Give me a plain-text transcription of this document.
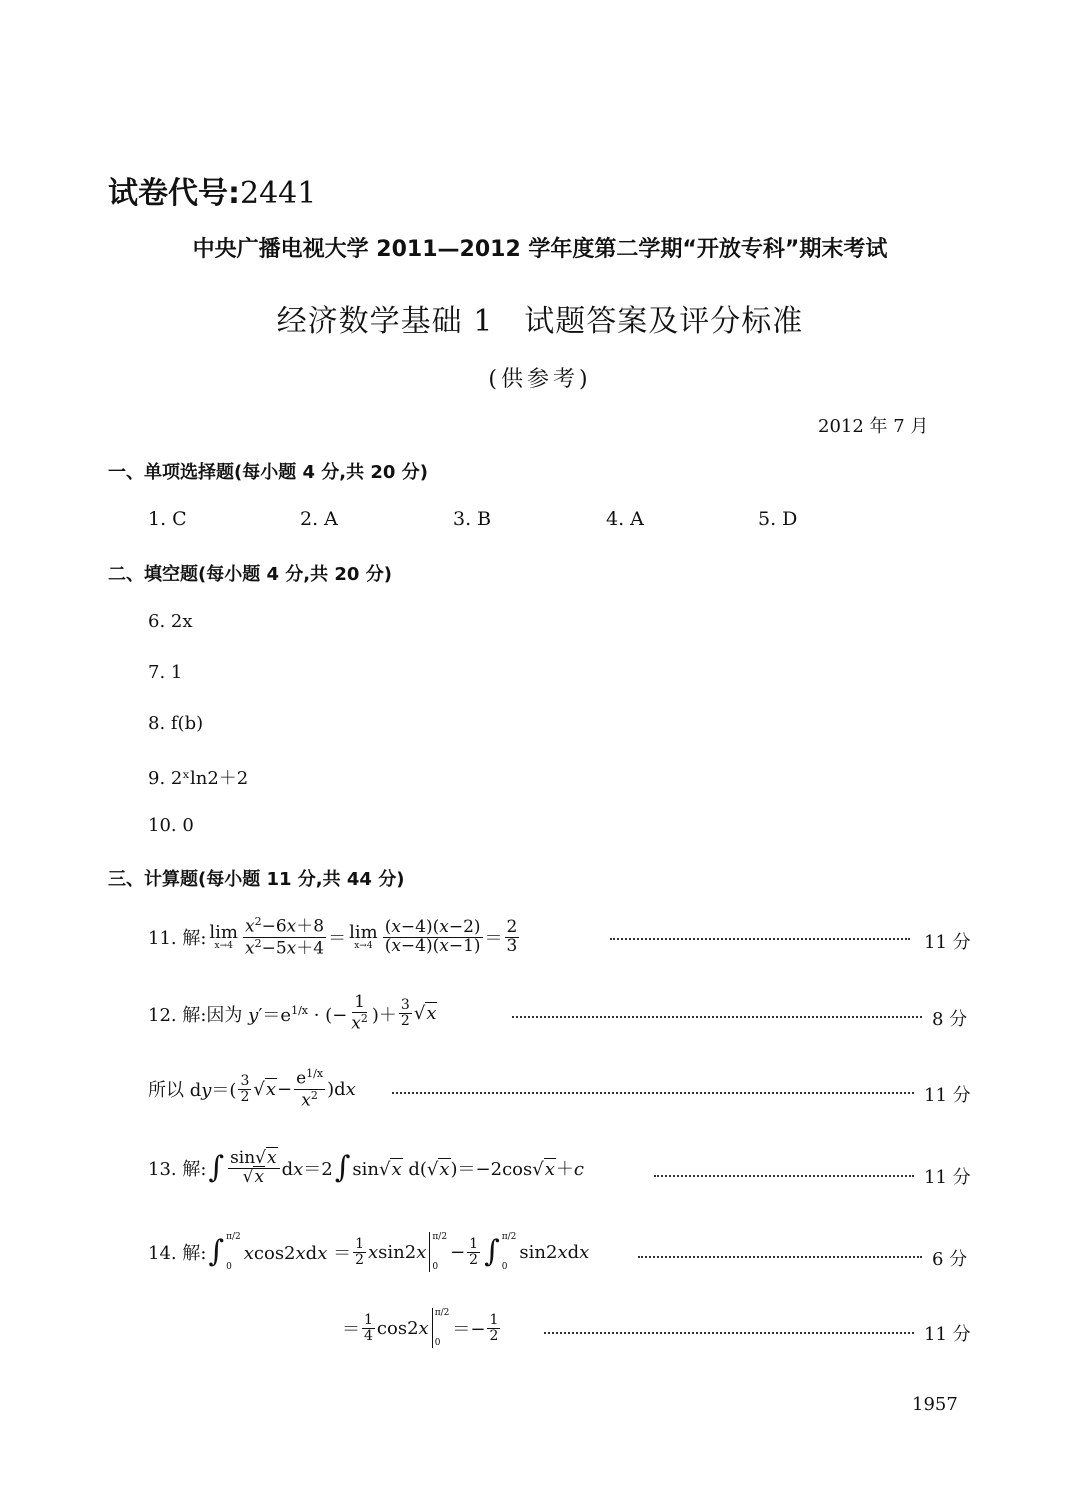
试卷代号:2441
中央广播电视大学 2011—2012 学年度第二学期“开放专科”期末考试
经济数学基础 1　试题答案及评分标准
(供参考)
2012 年 7 月
一、单项选择题(每小题 4 分,共 20 分)
1. C	2. A	3. B	4. A	5. D
二、填空题(每小题 4 分,共 20 分)
6. 2x
7. 1
8. f(b)
9. 2ˣln2＋2
10. 0
三、计算题(每小题 11 分,共 44 分)
11. 解: lim
$x\to 4 \frac{x^2-6x+8}{x^2-5x+4} = \lim$
$x\to 4 \frac{(x-4)(x-2)}{(x-4)(x-1)} = \frac{2}{3}$	11 分
12. 解:因为 $y'=e^{1/x}$ · (− $\frac{1}{x^2}$ )＋ $\frac{3}{2} √x$	8 分
所以 $dy=( \frac{3}{2} √x- \frac{e^{1/x}}{x^2} )dx$	11 分
13. 解: ∫ $\frac{\sin√x}{√x} dx=2$ ∫ sin√x d(√x)＝−2cos√x＋c	11 分
14. 解: ∫ π/2
0
$xcos2xdx = \frac{1}{2} xsin2x$
π/2
0
− $\frac{1}{2}$ ∫ π/2
0
sin2xdx	6 分
＝ $\frac{1}{4} \cos 2x$
π/2
0
＝− $\frac{1}{2}$	11 分
1957
